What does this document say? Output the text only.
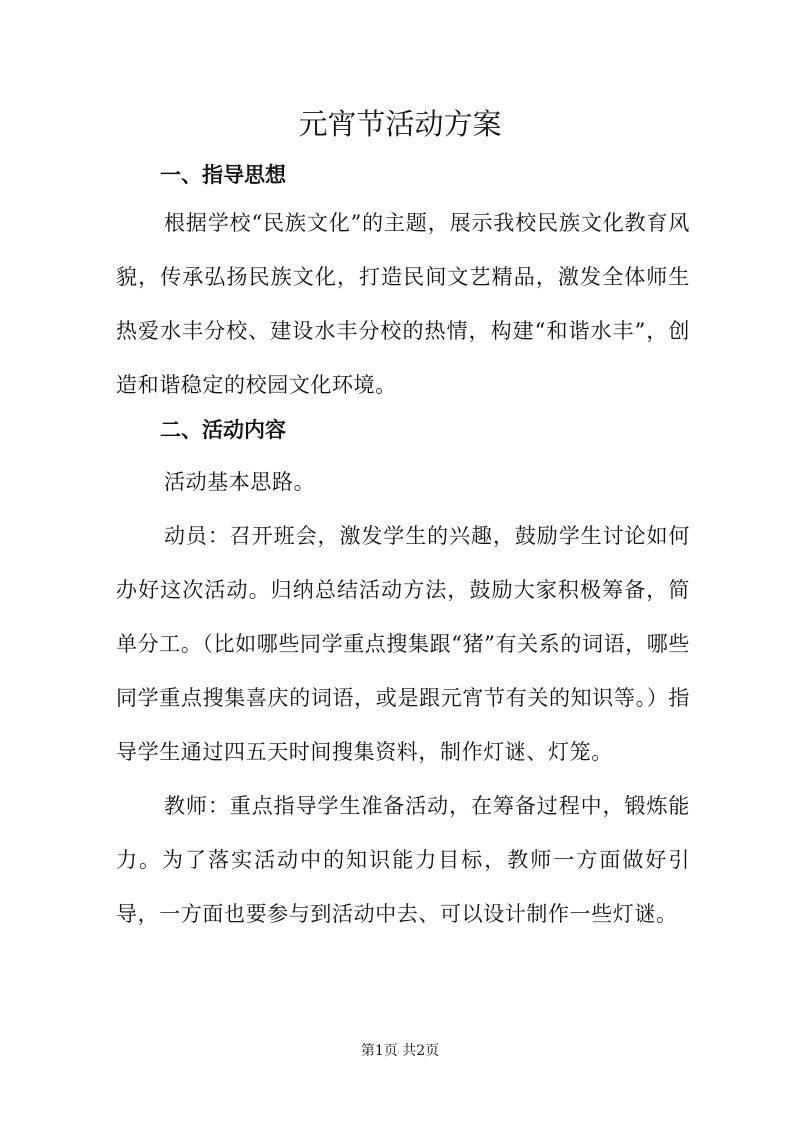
元宵节活动方案
一、指导思想

根据学校“民族文化”的主题，展示我校民族文化教育风貌，传承弘扬民族文化，打造民间文艺精品，激发全体师生热爱水丰分校、建设水丰分校的热情，构建“和谐水丰”，创造和谐稳定的校园文化环境。

二、活动内容

活动基本思路。

动员：召开班会，激发学生的兴趣，鼓励学生讨论如何办好这次活动。归纳总结活动方法，鼓励大家积极筹备，简单分工。（比如哪些同学重点搜集跟“猪”有关系的词语，哪些同学重点搜集喜庆的词语，或是跟元宵节有关的知识等。）指导学生通过四五天时间搜集资料，制作灯谜、灯笼。

教师：重点指导学生准备活动，在筹备过程中，锻炼能力。为了落实活动中的知识能力目标，教师一方面做好引导，一方面也要参与到活动中去、可以设计制作一些灯谜。

第1页 共2页
